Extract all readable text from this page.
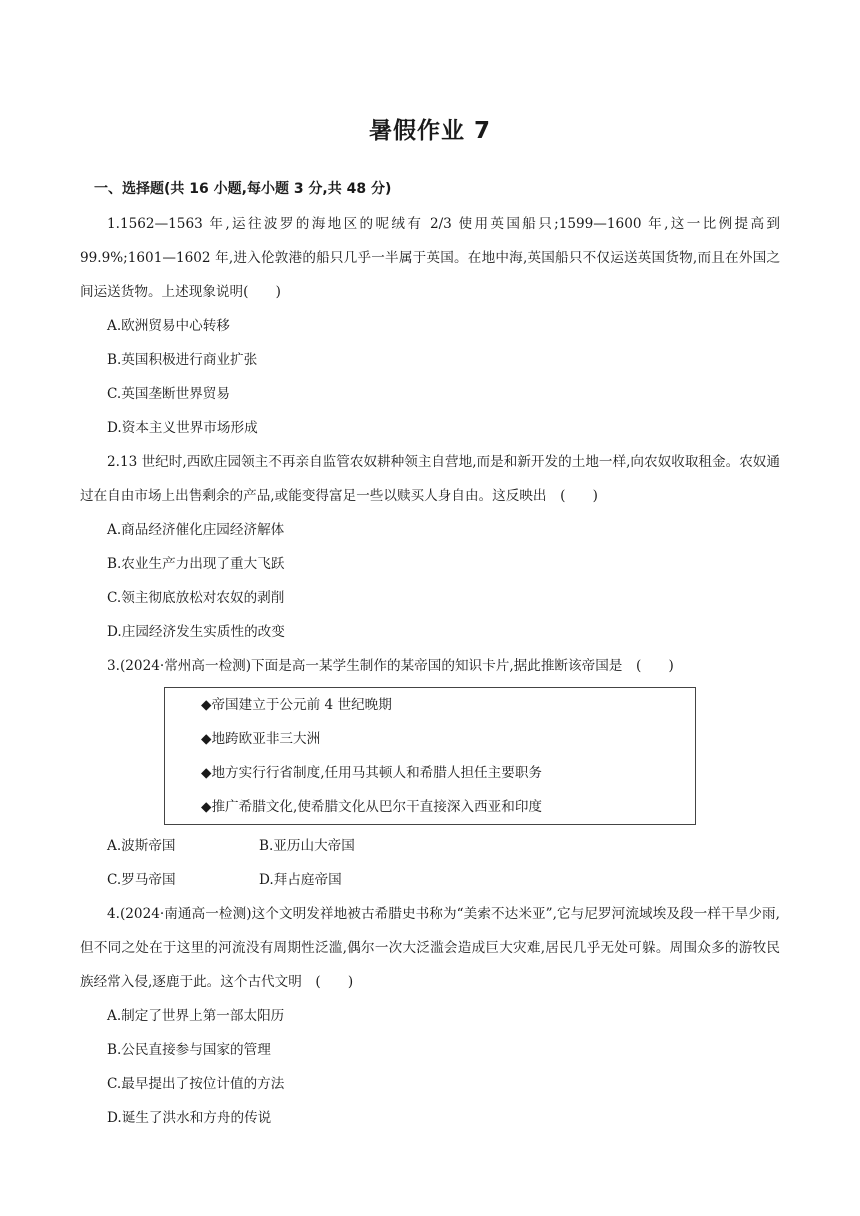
暑假作业 7
一、选择题(共 16 小题,每小题 3 分,共 48 分)

1.1562—1563 年,运往波罗的海地区的呢绒有 2/3 使用英国船只;1599—1600 年,这一比例提高到 99.9%;1601—1602 年,进入伦敦港的船只几乎一半属于英国。在地中海,英国船只不仅运送英国货物,而且在外国之间运送货物。上述现象说明(　　)

A.欧洲贸易中心转移

B.英国积极进行商业扩张

C.英国垄断世界贸易

D.资本主义世界市场形成

2.13 世纪时,西欧庄园领主不再亲自监管农奴耕种领主自营地,而是和新开发的土地一样,向农奴收取租金。农奴通过在自由市场上出售剩余的产品,或能变得富足一些以赎买人身自由。这反映出　(　　)

A.商品经济催化庄园经济解体

B.农业生产力出现了重大飞跃

C.领主彻底放松对农奴的剥削

D.庄园经济发生实质性的改变

3.(2024·常州高一检测)下面是高一某学生制作的某帝国的知识卡片,据此推断该帝国是　(　　)

◆帝国建立于公元前 4 世纪晚期

◆地跨欧亚非三大洲

◆地方实行行省制度,任用马其顿人和希腊人担任主要职务

◆推广希腊文化,使希腊文化从巴尔干直接深入西亚和印度

A.波斯帝国	B.亚历山大帝国
C.罗马帝国	D.拜占庭帝国

4.(2024·南通高一检测)这个文明发祥地被古希腊史书称为“美索不达米亚”,它与尼罗河流域埃及段一样干旱少雨,但不同之处在于这里的河流没有周期性泛滥,偶尔一次大泛滥会造成巨大灾难,居民几乎无处可躲。周围众多的游牧民族经常入侵,逐鹿于此。这个古代文明　(　　)

A.制定了世界上第一部太阳历

B.公民直接参与国家的管理

C.最早提出了按位计值的方法

D.诞生了洪水和方舟的传说
